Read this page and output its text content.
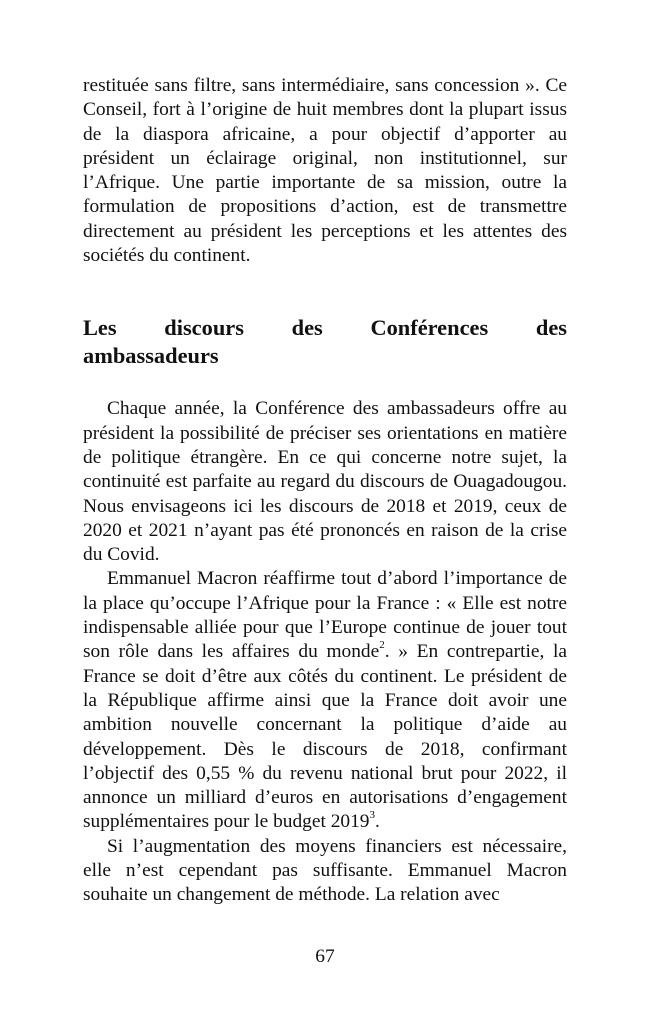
restituée sans filtre, sans intermédiaire, sans concession ». Ce Conseil, fort à l’origine de huit membres dont la plupart issus de la diaspora africaine, a pour objectif d’apporter au président un éclairage original, non institutionnel, sur l’Afrique. Une partie importante de sa mission, outre la formulation de propositions d’action, est de transmettre directement au président les perceptions et les attentes des sociétés du continent.

Les discours des Conférences des
ambassadeurs

Chaque année, la Conférence des ambassadeurs offre au président la possibilité de préciser ses orientations en matière de politique étrangère. En ce qui concerne notre sujet, la continuité est parfaite au regard du discours de Ouagadougou. Nous envisageons ici les discours de 2018 et 2019, ceux de 2020 et 2021 n’ayant pas été prononcés en raison de la crise du Covid.

Emmanuel Macron réaffirme tout d’abord l’importance de la place qu’occupe l’Afrique pour la France : « Elle est notre indispensable alliée pour que l’Europe continue de jouer tout son rôle dans les affaires du monde$^2$. » En contrepartie, la France se doit d’être aux côtés du continent. Le président de la République affirme ainsi que la France doit avoir une ambition nouvelle concernant la politique d’aide au développement. Dès le discours de 2018, confirmant l’objectif des 0,55 % du revenu national brut pour 2022, il annonce un milliard d’euros en autorisations d’engagement supplémentaires pour le budget 2019$^3$.

Si l’augmentation des moyens financiers est nécessaire, elle n’est cependant pas suffisante. Emmanuel Macron souhaite un changement de méthode. La relation avec

67
